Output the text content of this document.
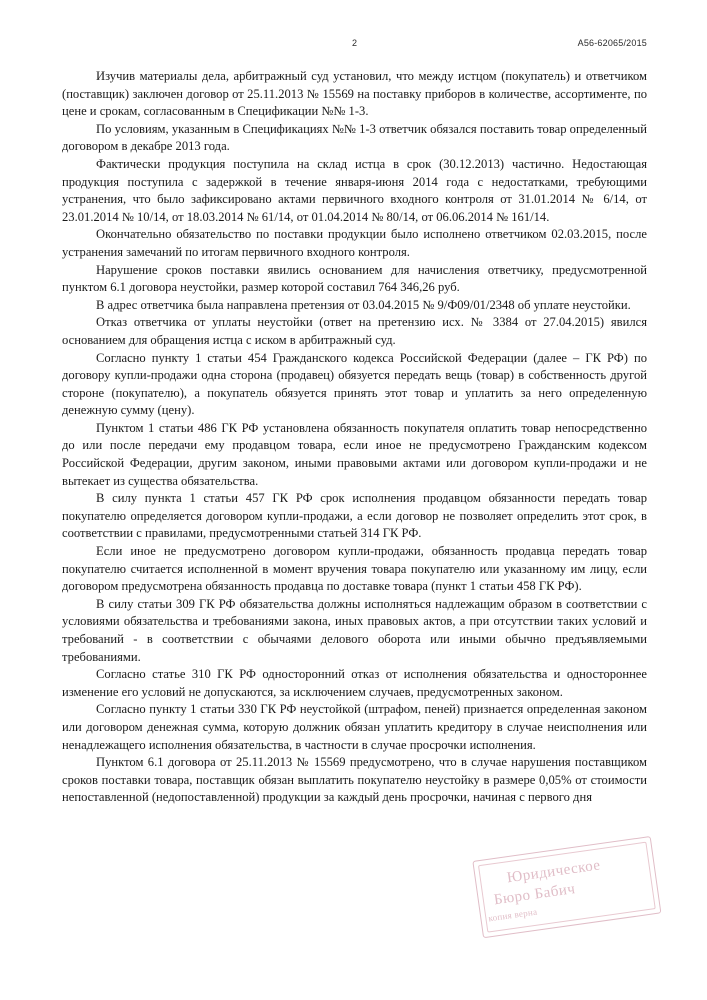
2	А56-62065/2015

Изучив материалы дела, арбитражный суд установил, что между истцом (покупатель) и ответчиком (поставщик) заключен договор от 25.11.2013 № 15569 на поставку приборов в количестве, ассортименте, по цене и срокам, согласованным в Спецификации №№ 1-3.

По условиям, указанным в Спецификациях №№ 1-3 ответчик обязался поставить товар определенный договором в декабре 2013 года.

Фактически продукция поступила на склад истца в срок (30.12.2013) частично. Недостающая продукция поступила с задержкой в течение января-июня 2014 года с недостатками, требующими устранения, что было зафиксировано актами первичного входного контроля от 31.01.2014 № 6/14, от 23.01.2014 № 10/14, от 18.03.2014 № 61/14, от 01.04.2014 № 80/14, от 06.06.2014 № 161/14.

Окончательно обязательство по поставки продукции было исполнено ответчиком 02.03.2015, после устранения замечаний по итогам первичного входного контроля.

Нарушение сроков поставки явились основанием для начисления ответчику, предусмотренной пунктом 6.1 договора неустойки, размер которой составил 764 346,26 руб.

В адрес ответчика была направлена претензия от 03.04.2015 № 9/Ф09/01/2348 об уплате неустойки.

Отказ ответчика от уплаты неустойки (ответ на претензию исх. № 3384 от 27.04.2015) явился основанием для обращения истца с иском в арбитражный суд.

Согласно пункту 1 статьи 454 Гражданского кодекса Российской Федерации (далее – ГК РФ) по договору купли-продажи одна сторона (продавец) обязуется передать вещь (товар) в собственность другой стороне (покупателю), а покупатель обязуется принять этот товар и уплатить за него определенную денежную сумму (цену).

Пунктом 1 статьи 486 ГК РФ установлена обязанность покупателя оплатить товар непосредственно до или после передачи ему продавцом товара, если иное не предусмотрено Гражданским кодексом Российской Федерации, другим законом, иными правовыми актами или договором купли-продажи и не вытекает из существа обязательства.

В силу пункта 1 статьи 457 ГК РФ срок исполнения продавцом обязанности передать товар покупателю определяется договором купли-продажи, а если договор не позволяет определить этот срок, в соответствии с правилами, предусмотренными статьей 314 ГК РФ.

Если иное не предусмотрено договором купли-продажи, обязанность продавца передать товар покупателю считается исполненной в момент вручения товара покупателю или указанному им лицу, если договором предусмотрена обязанность продавца по доставке товара (пункт 1 статьи 458 ГК РФ).

В силу статьи 309 ГК РФ обязательства должны исполняться надлежащим образом в соответствии с условиями обязательства и требованиями закона, иных правовых актов, а при отсутствии таких условий и требований - в соответствии с обычаями делового оборота или иными обычно предъявляемыми требованиями.

Согласно статье 310 ГК РФ односторонний отказ от исполнения обязательства и одностороннее изменение его условий не допускаются, за исключением случаев, предусмотренных законом.

Согласно пункту 1 статьи 330 ГК РФ неустойкой (штрафом, пеней) признается определенная законом или договором денежная сумма, которую должник обязан уплатить кредитору в случае неисполнения или ненадлежащего исполнения обязательства, в частности в случае просрочки исполнения.

Пунктом 6.1 договора от 25.11.2013 № 15569 предусмотрено, что в случае нарушения поставщиком сроков поставки товара, поставщик обязан выплатить покупателю неустойку в размере 0,05% от стоимости непоставленной (недопоставленной) продукции за каждый день просрочки, начиная с первого дня

Юридическое
Бюро Бабич
копия верна
